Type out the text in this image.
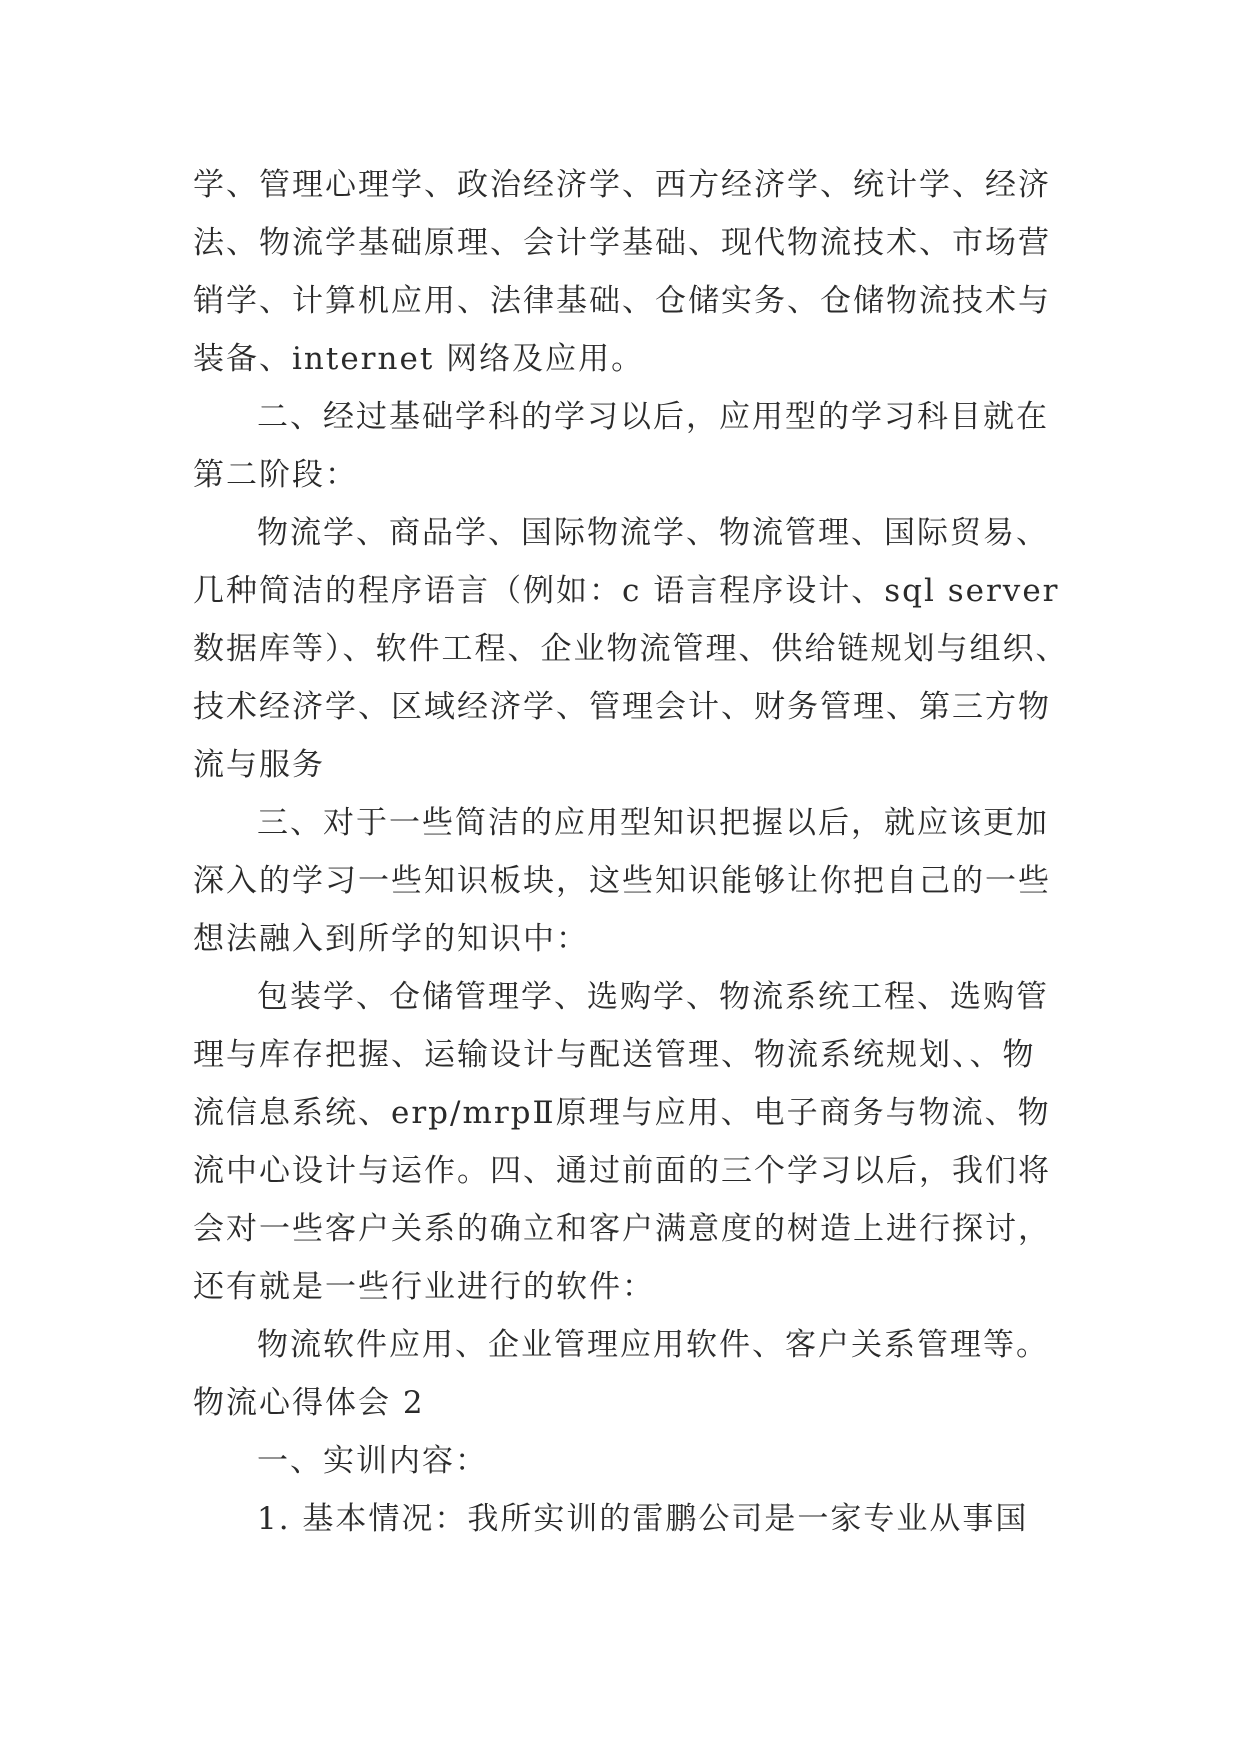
学、管理心理学、政治经济学、西方经济学、统计学、经济
法、物流学基础原理、会计学基础、现代物流技术、市场营
销学、计算机应用、法律基础、仓储实务、仓储物流技术与
装备、internet 网络及应用。
二、经过基础学科的学习以后，应用型的学习科目就在
第二阶段：
物流学、商品学、国际物流学、物流管理、国际贸易、
几种简洁的程序语言（例如：c 语言程序设计、sql server
数据库等）、软件工程、企业物流管理、供给链规划与组织、
技术经济学、区域经济学、管理会计、财务管理、第三方物
流与服务
三、对于一些简洁的应用型知识把握以后，就应该更加
深入的学习一些知识板块，这些知识能够让你把自己的一些
想法融入到所学的知识中：
包装学、仓储管理学、选购学、物流系统工程、选购管
理与库存把握、运输设计与配送管理、物流系统规划、、物
流信息系统、erp/mrpⅡ原理与应用、电子商务与物流、物
流中心设计与运作。四、通过前面的三个学习以后，我们将
会对一些客户关系的确立和客户满意度的树造上进行探讨，
还有就是一些行业进行的软件：
物流软件应用、企业管理应用软件、客户关系管理等。
物流心得体会 2
一、实训内容：
1. 基本情况：我所实训的雷鹏公司是一家专业从事国
